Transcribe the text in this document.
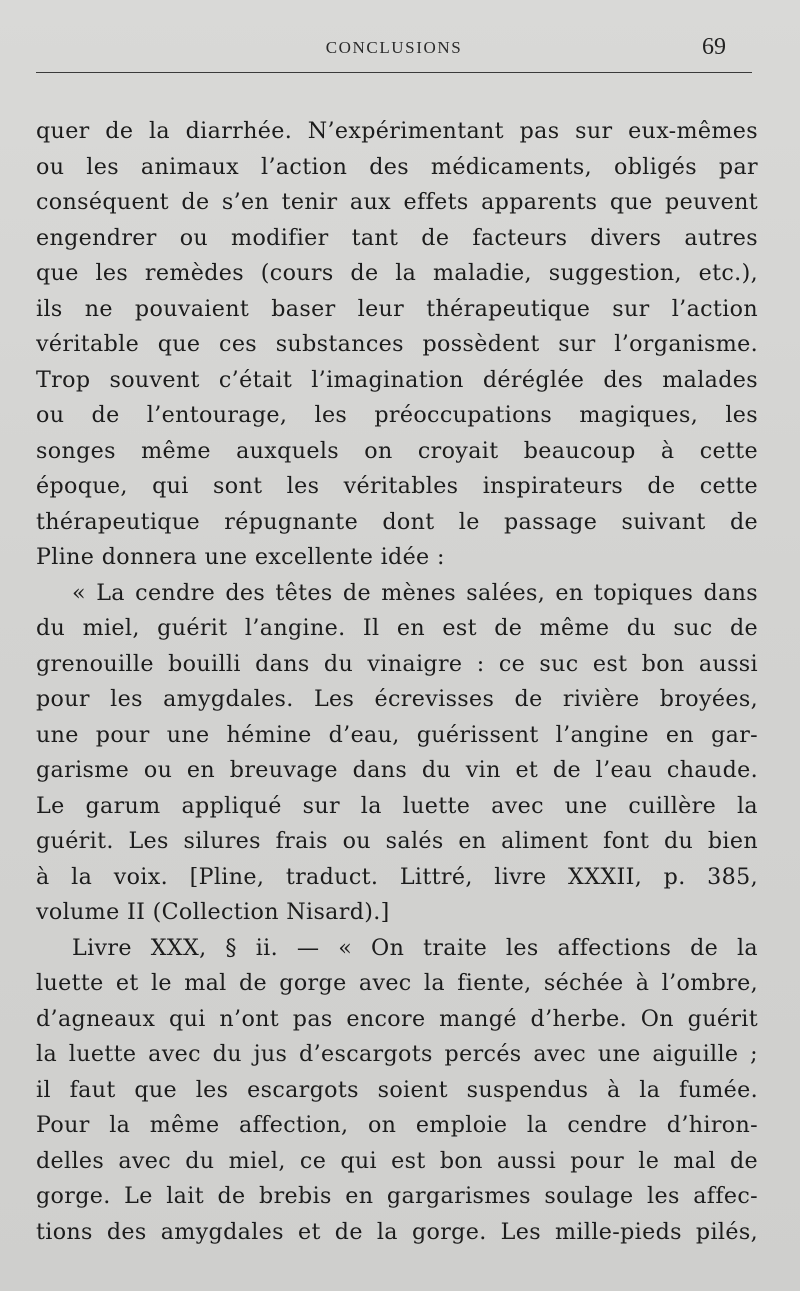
CONCLUSIONS	69
quer de la diarrhée. N’expérimentant pas sur eux-mêmes
ou les animaux l’action des médicaments, obligés par
conséquent de s’en tenir aux effets apparents que peuvent
engendrer ou modifier tant de facteurs divers autres
que les remèdes (cours de la maladie, suggestion, etc.),
ils ne pouvaient baser leur thérapeutique sur l’action
véritable que ces substances possèdent sur l’organisme.
Trop souvent c’était l’imagination déréglée des malades
ou de l’entourage, les préoccupations magiques, les
songes même auxquels on croyait beaucoup à cette
époque, qui sont les véritables inspirateurs de cette
thérapeutique répugnante dont le passage suivant de
Pline donnera une excellente idée :
« La cendre des têtes de mènes salées, en topiques dans
du miel, guérit l’angine. Il en est de même du suc de
grenouille bouilli dans du vinaigre : ce suc est bon aussi
pour les amygdales. Les écrevisses de rivière broyées,
une pour une hémine d’eau, guérissent l’angine en gar-
garisme ou en breuvage dans du vin et de l’eau chaude.
Le garum appliqué sur la luette avec une cuillère la
guérit. Les silures frais ou salés en aliment font du bien
à la voix. [Pline, traduct. Littré, livre XXXII, p. 385,
volume II (Collection Nisard).]
Livre XXX, § ii. — « On traite les affections de la
luette et le mal de gorge avec la fiente, séchée à l’ombre,
d’agneaux qui n’ont pas encore mangé d’herbe. On guérit
la luette avec du jus d’escargots percés avec une aiguille ;
il faut que les escargots soient suspendus à la fumée.
Pour la même affection, on emploie la cendre d’hiron-
delles avec du miel, ce qui est bon aussi pour le mal de
gorge. Le lait de brebis en gargarismes soulage les affec-
tions des amygdales et de la gorge. Les mille-pieds pilés,
